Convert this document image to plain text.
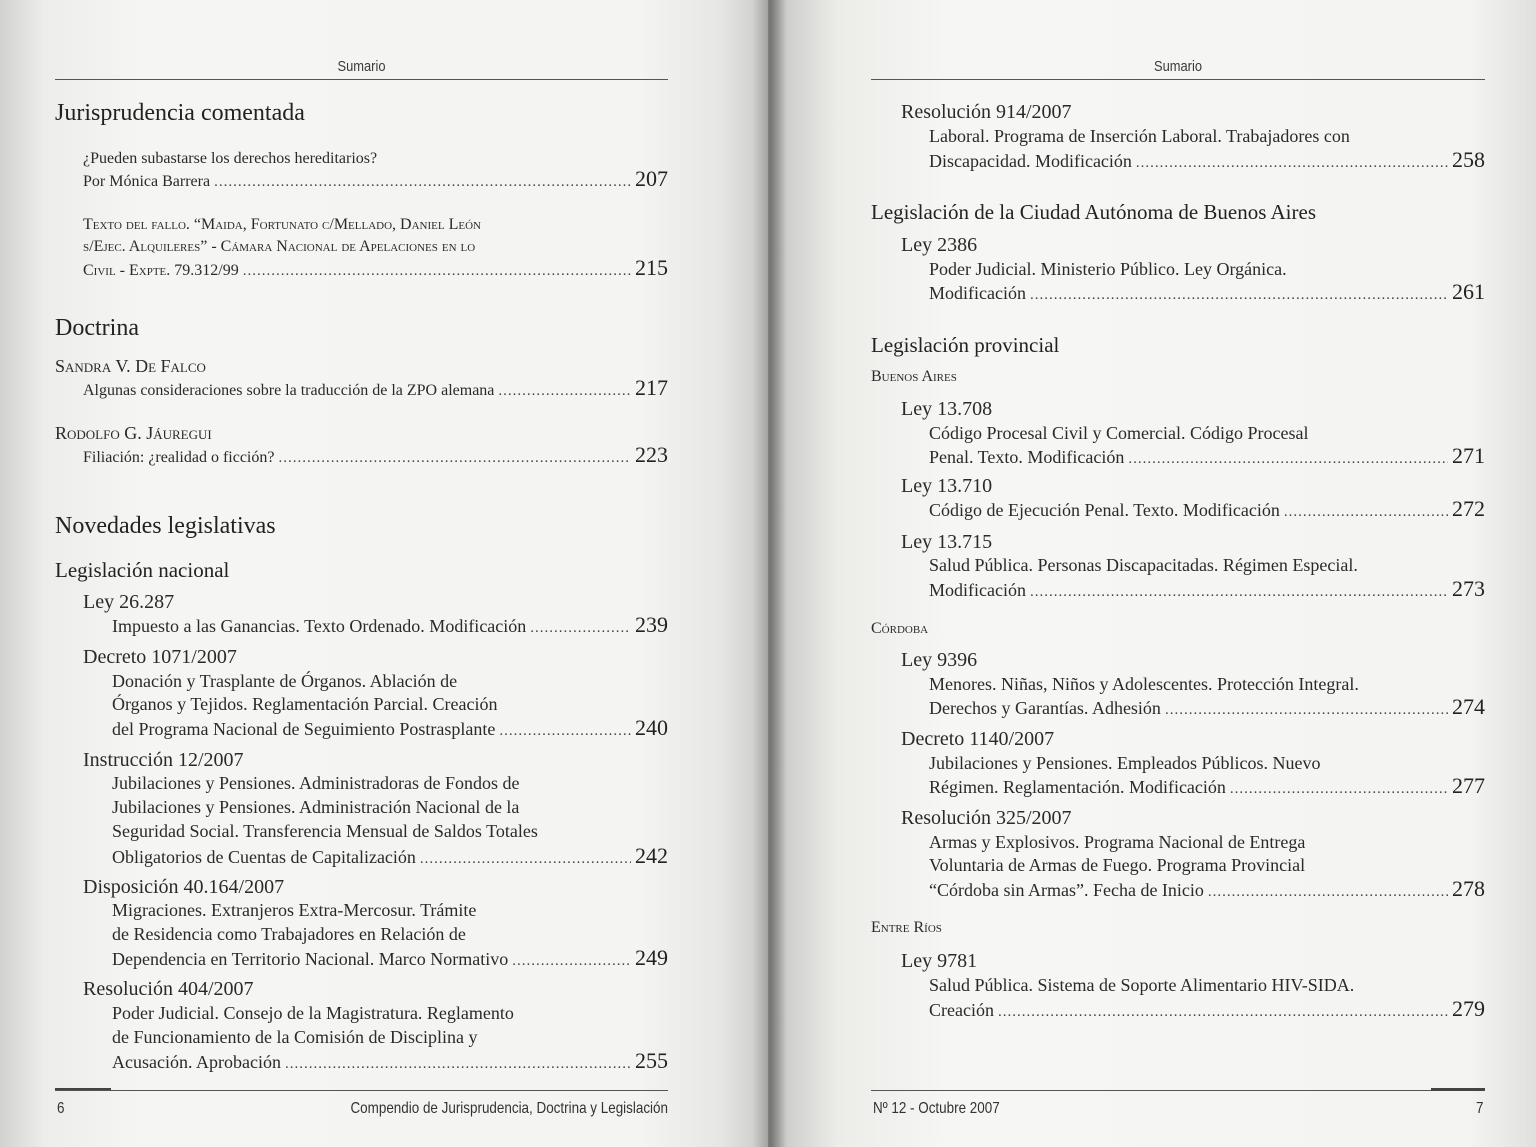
Sumario
Jurisprudencia comentada
¿Pueden subastarse los derechos hereditarios?
Por Mónica Barrera .....	207
Texto del fallo. “Maida, Fortunato c/Mellado, Daniel León
s/Ejec. Alquileres” - Cámara Nacional de Apelaciones en lo
Civil - Expte. 79.312/99 .....	215
Doctrina
Sandra V. De Falco
Algunas consideraciones sobre la traducción de la ZPO alemana .....	217
Rodolfo G. Jáuregui
Filiación: ¿realidad o ficción? .....	223
Novedades legislativas
Legislación nacional
Ley 26.287
Impuesto a las Ganancias. Texto Ordenado. Modificación .....	239
Decreto 1071/2007
Donación y Trasplante de Órganos. Ablación de
Órganos y Tejidos. Reglamentación Parcial. Creación
del Programa Nacional de Seguimiento Postrasplante .....	240
Instrucción 12/2007
Jubilaciones y Pensiones. Administradoras de Fondos de
Jubilaciones y Pensiones. Administración Nacional de la
Seguridad Social. Transferencia Mensual de Saldos Totales
Obligatorios de Cuentas de Capitalización .....	242
Disposición 40.164/2007
Migraciones. Extranjeros Extra-Mercosur. Trámite
de Residencia como Trabajadores en Relación de
Dependencia en Territorio Nacional. Marco Normativo .....	249
Resolución 404/2007
Poder Judicial. Consejo de la Magistratura. Reglamento
de Funcionamiento de la Comisión de Disciplina y
Acusación. Aprobación .....	255
6	Compendio de Jurisprudencia, Doctrina y Legislación
Sumario
Resolución 914/2007
Laboral. Programa de Inserción Laboral. Trabajadores con
Discapacidad. Modificación .....	258
Legislación de la Ciudad Autónoma de Buenos Aires
Ley 2386
Poder Judicial. Ministerio Público. Ley Orgánica.
Modificación .....	261
Legislación provincial
Buenos Aires
Ley 13.708
Código Procesal Civil y Comercial. Código Procesal
Penal. Texto. Modificación .....	271
Ley 13.710
Código de Ejecución Penal. Texto. Modificación .....	272
Ley 13.715
Salud Pública. Personas Discapacitadas. Régimen Especial.
Modificación .....	273
Córdoba
Ley 9396
Menores. Niñas, Niños y Adolescentes. Protección Integral.
Derechos y Garantías. Adhesión .....	274
Decreto 1140/2007
Jubilaciones y Pensiones. Empleados Públicos. Nuevo
Régimen. Reglamentación. Modificación .....	277
Resolución 325/2007
Armas y Explosivos. Programa Nacional de Entrega
Voluntaria de Armas de Fuego. Programa Provincial
“Córdoba sin Armas”. Fecha de Inicio .....	278
Entre Ríos
Ley 9781
Salud Pública. Sistema de Soporte Alimentario HIV-SIDA.
Creación .....	279
Nº 12 - Octubre 2007	7
